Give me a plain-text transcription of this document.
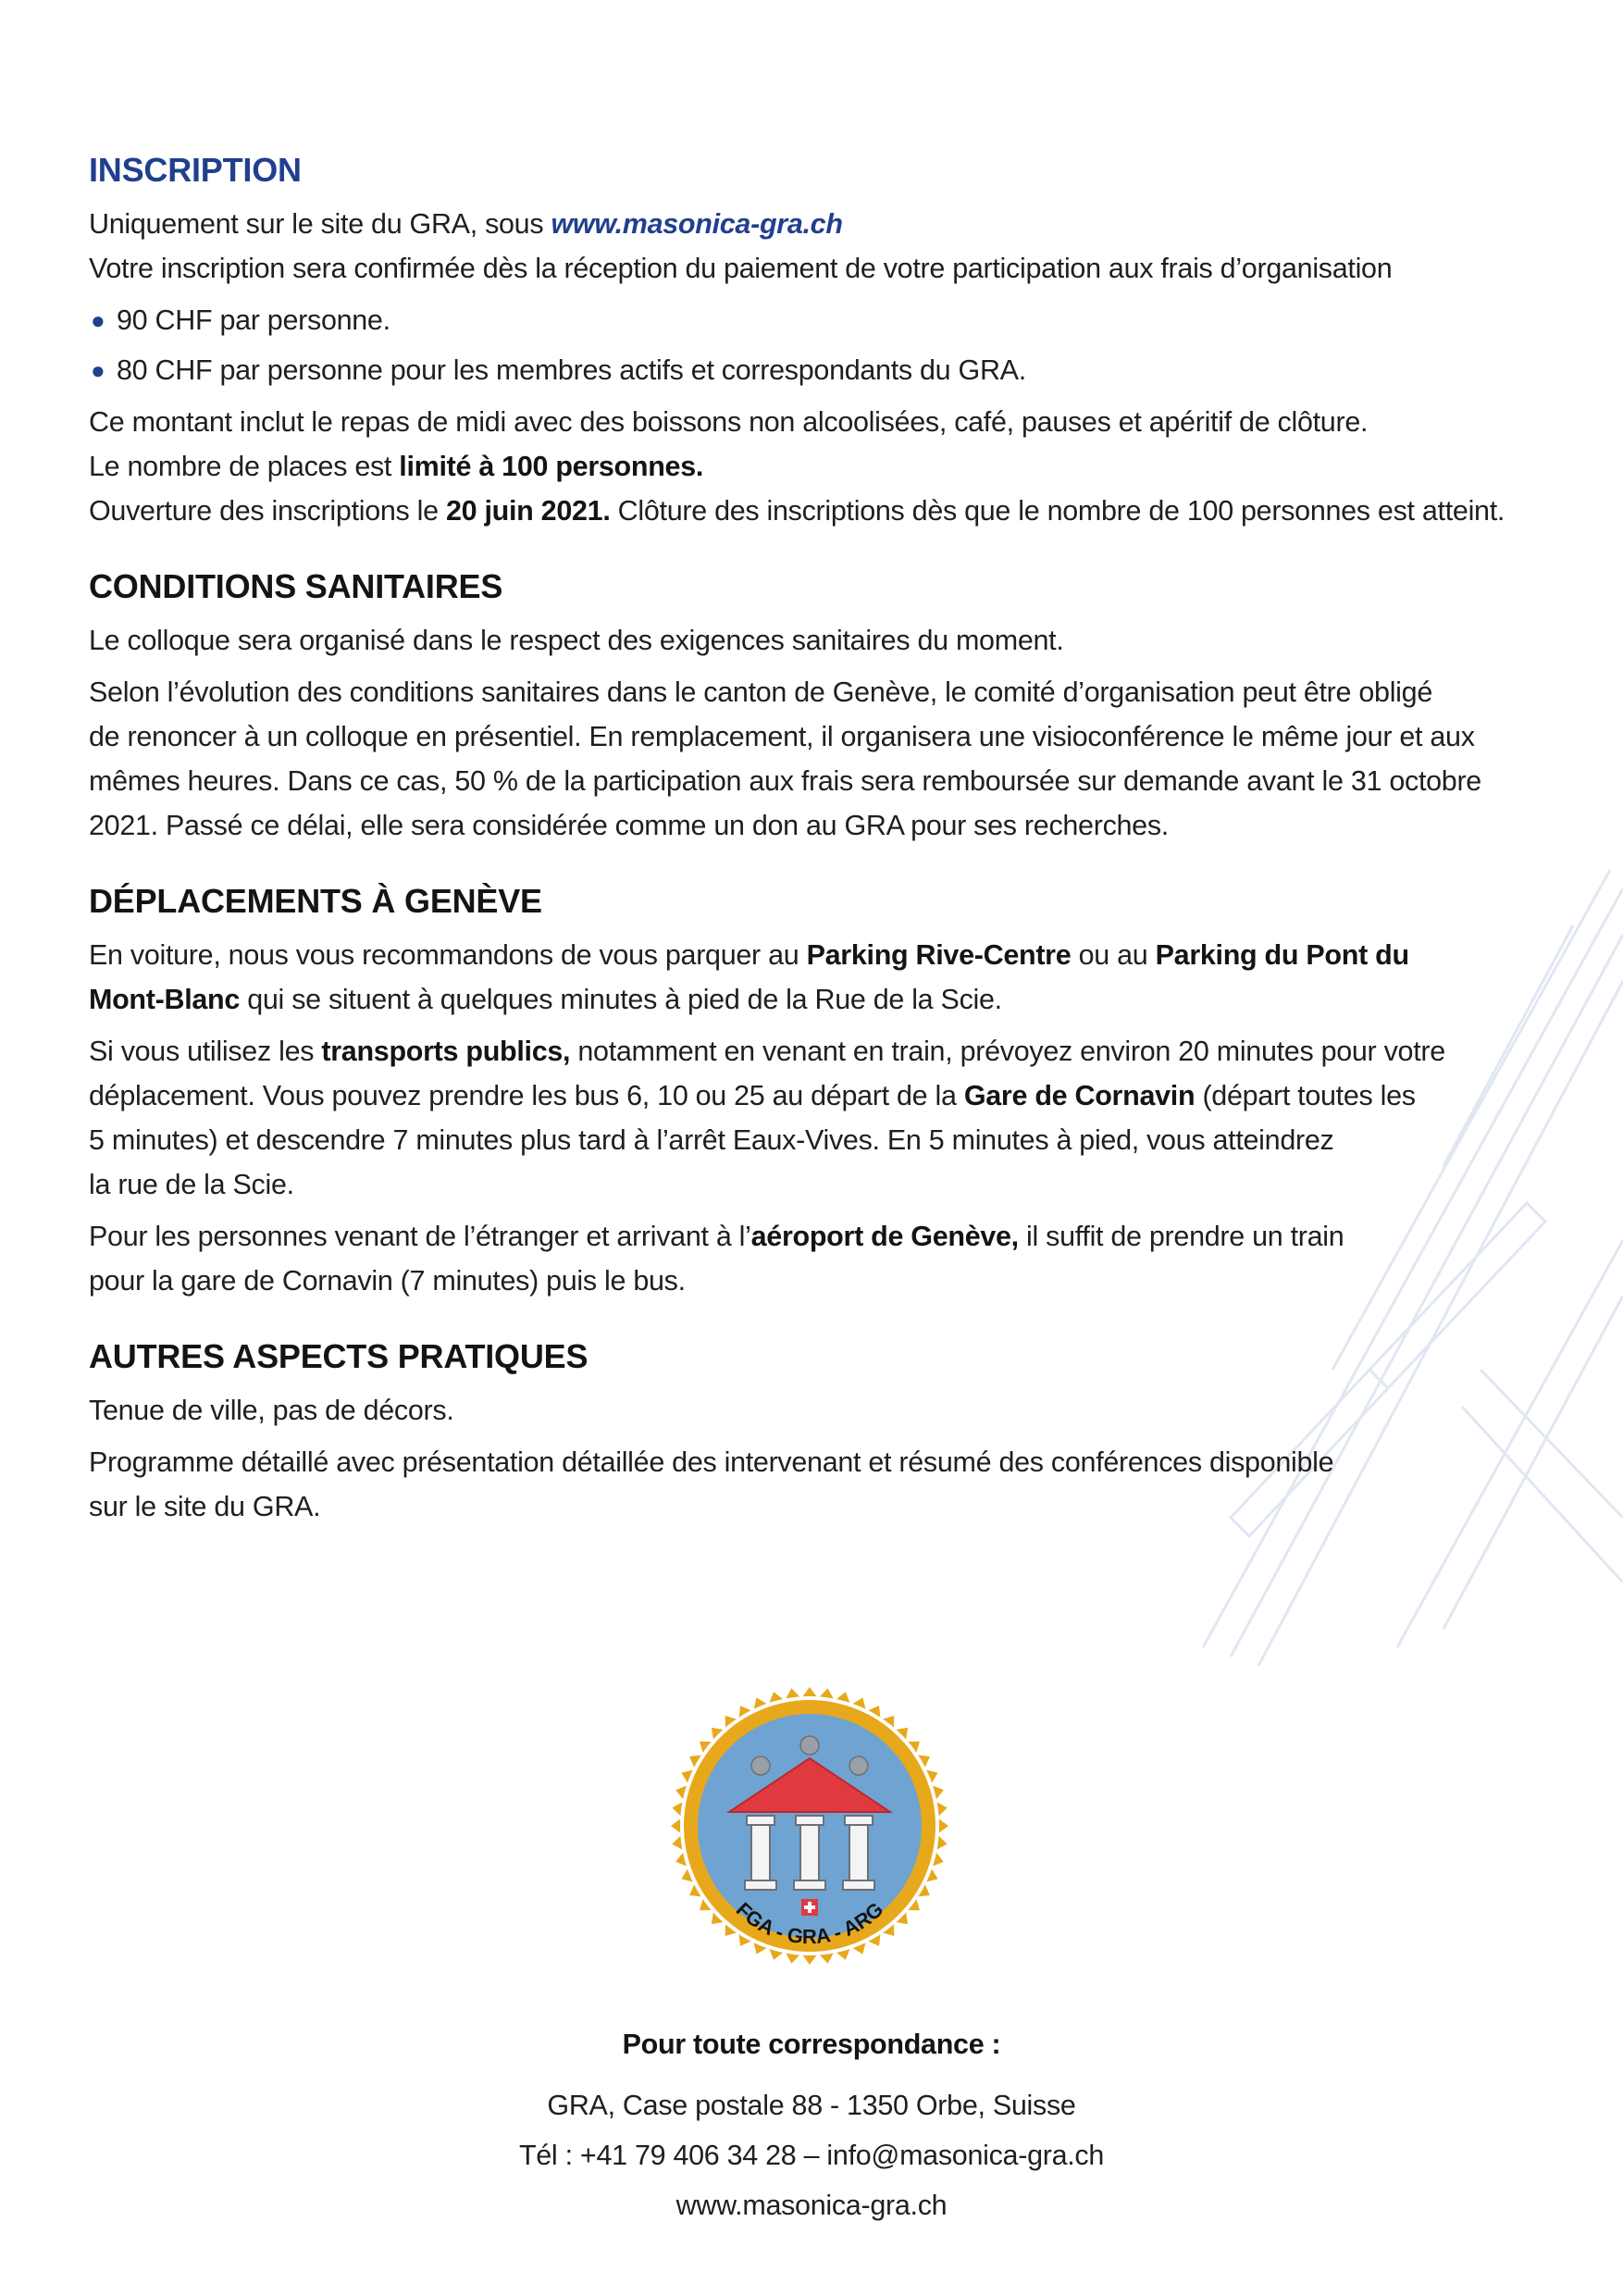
INSCRIPTION

Uniquement sur le site du GRA, sous www.masonica-gra.ch
Votre inscription sera confirmée dès la réception du paiement de votre participation aux frais d’organisation

● 90 CHF par personne.
● 80 CHF par personne pour les membres actifs et correspondants du GRA.

Ce montant inclut le repas de midi avec des boissons non alcoolisées, café, pauses et apéritif de clôture.
Le nombre de places est limité à 100 personnes.
Ouverture des inscriptions le 20 juin 2021. Clôture des inscriptions dès que le nombre de 100 personnes est atteint.

CONDITIONS SANITAIRES

Le colloque sera organisé dans le respect des exigences sanitaires du moment.

Selon l’évolution des conditions sanitaires dans le canton de Genève, le comité d’organisation peut être obligé
de renoncer à un colloque en présentiel. En remplacement, il organisera une visioconférence le même jour et aux
mêmes heures. Dans ce cas, 50 % de la participation aux frais sera remboursée sur demande avant le 31 octobre
2021. Passé ce délai, elle sera considérée comme un don au GRA pour ses recherches.

DÉPLACEMENTS À GENÈVE

En voiture, nous vous recommandons de vous parquer au Parking Rive-Centre ou au Parking du Pont du
Mont-Blanc qui se situent à quelques minutes à pied de la Rue de la Scie.

Si vous utilisez les transports publics, notamment en venant en train, prévoyez environ 20 minutes pour votre
déplacement. Vous pouvez prendre les bus 6, 10 ou 25 au départ de la Gare de Cornavin (départ toutes les
5 minutes) et descendre 7 minutes plus tard à l’arrêt Eaux-Vives. En 5 minutes à pied, vous atteindrez
la rue de la Scie.

Pour les personnes venant de l’étranger et arrivant à l’aéroport de Genève, il suffit de prendre un train
pour la gare de Cornavin (7 minutes) puis le bus.

AUTRES ASPECTS PRATIQUES

Tenue de ville, pas de décors.

Programme détaillé avec présentation détaillée des intervenant et résumé des conférences disponible
sur le site du GRA.

FGA - GRA - ARG
Pour toute correspondance :
GRA, Case postale 88 - 1350 Orbe, Suisse
Tél : +41 79 406 34 28 – info@masonica-gra.ch
www.masonica-gra.ch
